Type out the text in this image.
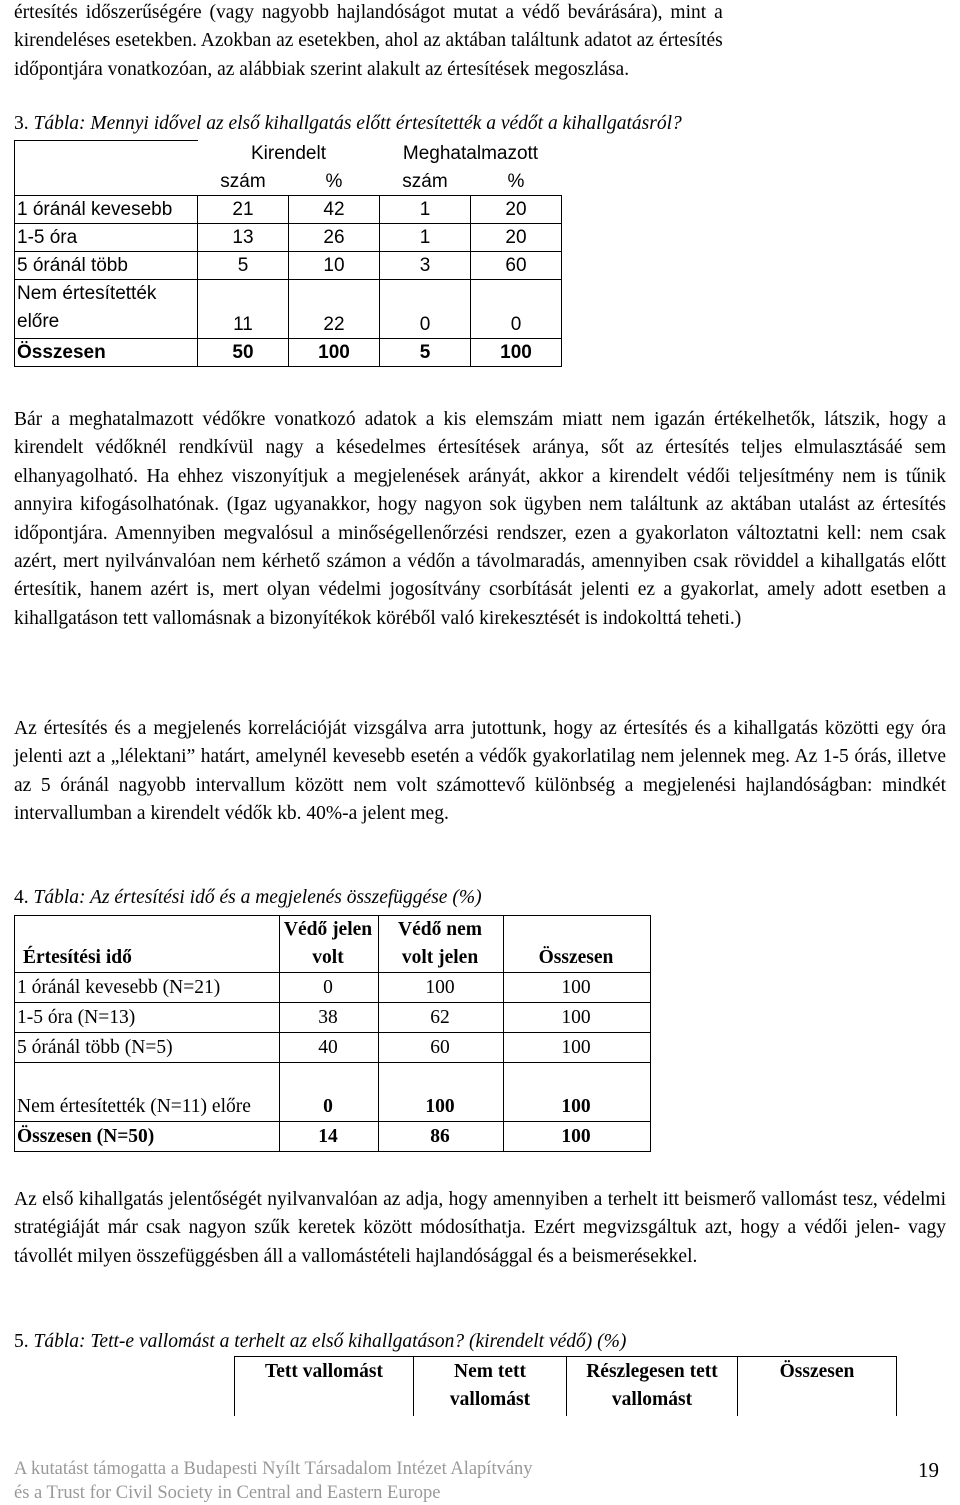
értesítés időszerűségére (vagy nagyobb hajlandóságot mutat a védő bevárására), mint a

kirendeléses esetekben. Azokban az esetekben, ahol az aktában találtunk adatot az értesítés

időpontjára vonatkozóan, az alábbiak szerint alakult az értesítések megoszlása.

3. Tábla: Mennyi idővel az első kihallgatás előtt értesítették a védőt a kihallgatásról?

	Kirendelt		Meghatalmazott	
	szám	%	szám	%
1 óránál kevesebb	21	42	1	20
1-5 óra	13	26	1	20
5 óránál több	5	10	3	60
Nem értesítették előre	11	22	0	0
Összesen	50	100	5	100

Bár a meghatalmazott védőkre vonatkozó adatok a kis elemszám miatt nem igazán értékelhetők, látszik, hogy a kirendelt védőknél rendkívül nagy a késedelmes értesítések aránya, sőt az értesítés teljes elmulasztásáé sem elhanyagolható. Ha ehhez viszonyítjuk a megjelenések arányát, akkor a kirendelt védői teljesítmény nem is tűnik annyira kifogásolhatónak. (Igaz ugyanakkor, hogy nagyon sok ügyben nem találtunk az aktában utalást az értesítés időpontjára. Amennyiben megvalósul a minőségellenőrzési rendszer, ezen a gyakorlaton változtatni kell: nem csak azért, mert nyilvánvalóan nem kérhető számon a védőn a távolmaradás, amennyiben csak röviddel a kihallgatás előtt értesítik, hanem azért is, mert olyan védelmi jogosítvány csorbítását jelenti ez a gyakorlat, amely adott esetben a kihallgatáson tett vallomásnak a bizonyítékok köréből való kirekesztését is indokolttá teheti.)

Az értesítés és a megjelenés korrelációját vizsgálva arra jutottunk, hogy az értesítés és a kihallgatás közötti egy óra jelenti azt a „lélektani” határt, amelynél kevesebb esetén a védők gyakorlatilag nem jelennek meg. Az 1-5 órás, illetve az 5 óránál nagyobb intervallum között nem volt számottevő különbség a megjelenési hajlandóságban: mindkét intervallumban a kirendelt védők kb. 40%-a jelent meg.

4. Tábla: Az értesítési idő és a megjelenés összefüggése (%)

Értesítési idő	Védő jelen volt	Védő nem volt jelen	Összesen
1 óránál kevesebb (N=21)	0	100	100
1-5 óra (N=13)	38	62	100
5 óránál több (N=5)	40	60	100
Nem értesítették (N=11) előre	0	100	100
Összesen (N=50)	14	86	100

Az első kihallgatás jelentőségét nyilvanvalóan az adja, hogy amennyiben a terhelt itt beismerő vallomást tesz, védelmi stratégiáját már csak nagyon szűk keretek között módosíthatja. Ezért megvizsgáltuk azt, hogy a védői jelen- vagy távollét milyen összefüggésben áll a vallomástételi hajlandósággal és a beismerésekkel.

5. Tábla: Tett-e vallomást a terhelt az első kihallgatáson? (kirendelt védő) (%)

Tett vallomást	Nem tett vallomást	Részlegesen tett vallomást	Összesen
A kutatást támogatta a Budapesti Nyílt Társadalom Intézet Alapítvány
és a Trust for Civil Society in Central and Eastern Europe
19
